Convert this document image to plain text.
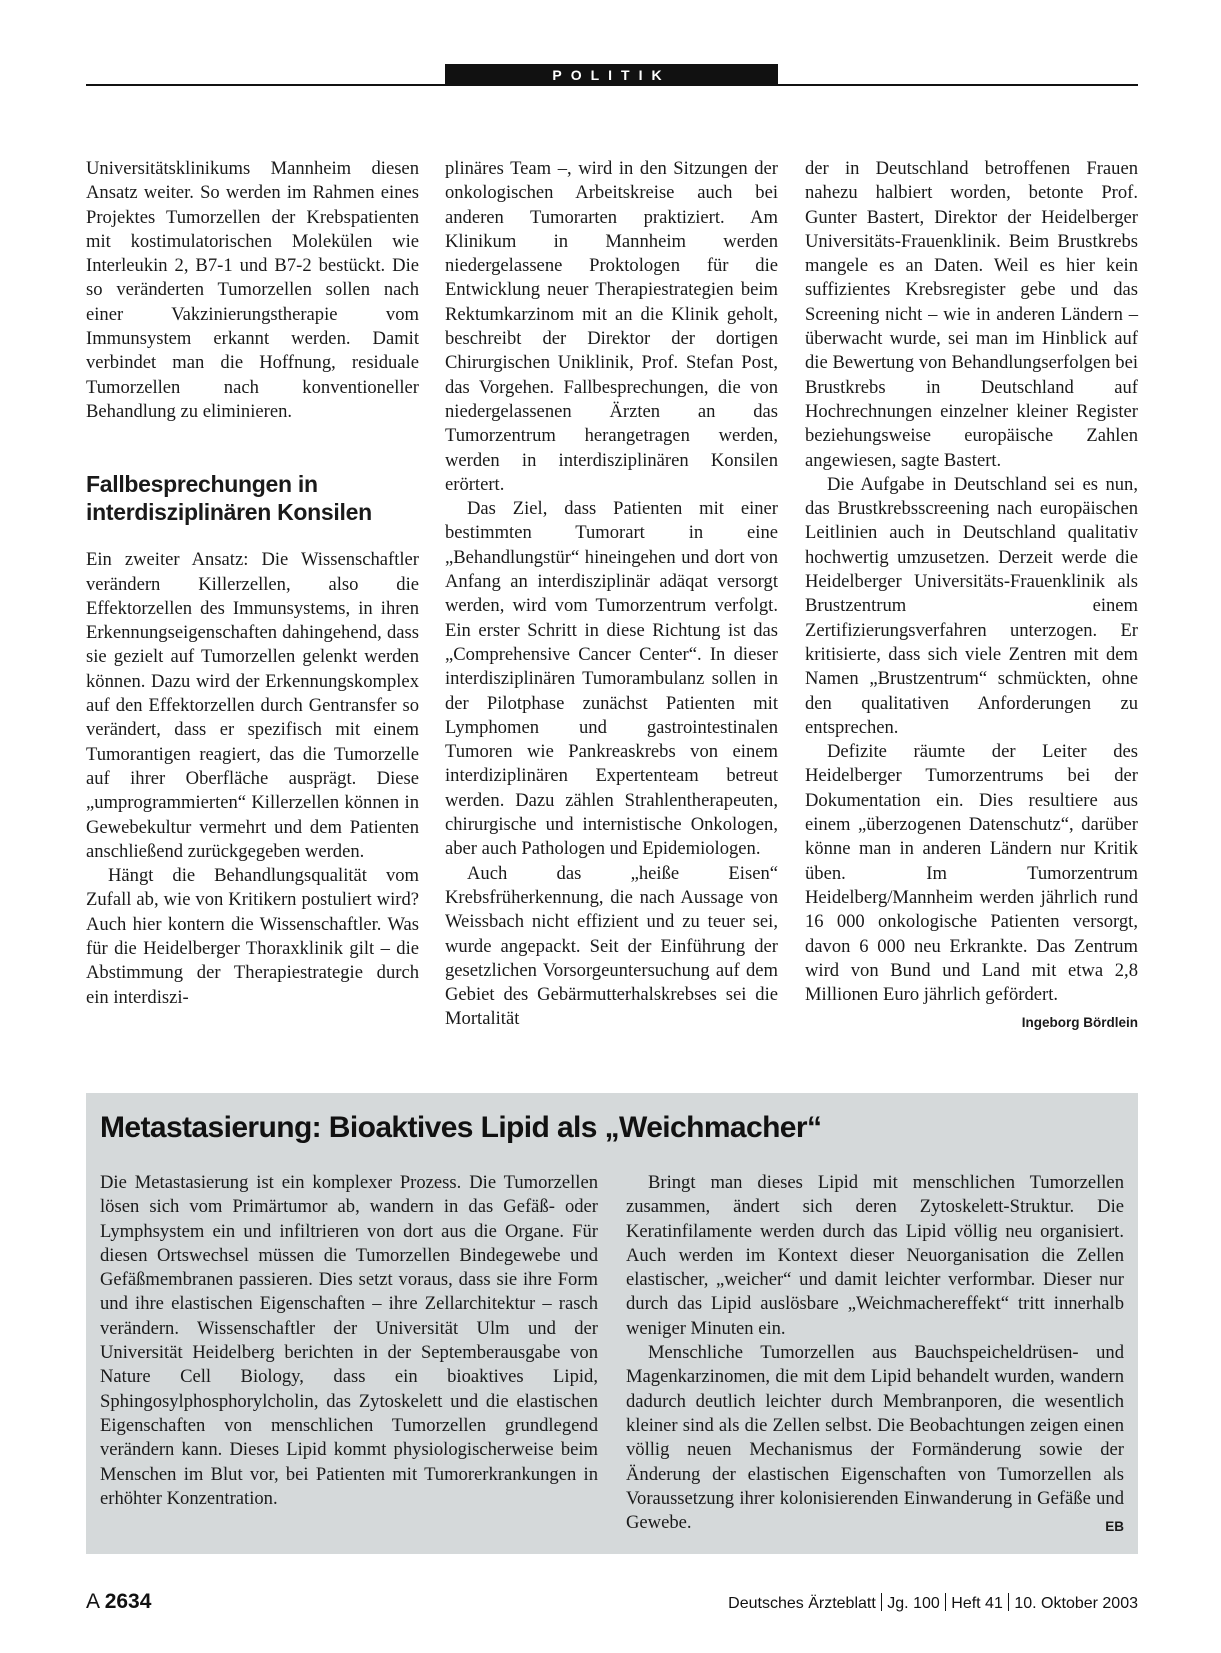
POLITIK

Universitätsklinikums Mannheim diesen Ansatz weiter. So werden im Rahmen eines Projektes Tumorzellen der Krebspatienten mit kostimulatorischen Molekülen wie Interleukin 2, B7-1 und B7-2 bestückt. Die so veränderten Tumorzellen sollen nach einer Vakzinierungstherapie vom Immunsystem erkannt werden. Damit verbindet man die Hoffnung, residuale Tumorzellen nach konventioneller Behandlung zu eliminieren.

Fallbesprechungen in interdisziplinären Konsilen

Ein zweiter Ansatz: Die Wissenschaftler verändern Killerzellen, also die Effektorzellen des Immunsystems, in ihren Erkennungseigenschaften dahingehend, dass sie gezielt auf Tumorzellen gelenkt werden können. Dazu wird der Erkennungskomplex auf den Effektorzellen durch Gentransfer so verändert, dass er spezifisch mit einem Tumorantigen reagiert, das die Tumorzelle auf ihrer Oberfläche ausprägt. Diese „umprogrammierten“ Killerzellen können in Gewebekultur vermehrt und dem Patienten anschließend zurückgegeben werden.

Hängt die Behandlungsqualität vom Zufall ab, wie von Kritikern postuliert wird? Auch hier kontern die Wissenschaftler. Was für die Heidelberger Thoraxklinik gilt – die Abstimmung der Therapiestrategie durch ein interdiszi-

plinäres Team –, wird in den Sitzungen der onkologischen Arbeitskreise auch bei anderen Tumorarten praktiziert. Am Klinikum in Mannheim werden niedergelassene Proktologen für die Entwicklung neuer Therapiestrategien beim Rektumkarzinom mit an die Klinik geholt, beschreibt der Direktor der dortigen Chirurgischen Uniklinik, Prof. Stefan Post, das Vorgehen. Fallbesprechungen, die von niedergelassenen Ärzten an das Tumorzentrum herangetragen werden, werden in interdisziplinären Konsilen erörtert.

Das Ziel, dass Patienten mit einer bestimmten Tumorart in eine „Behandlungstür“ hineingehen und dort von Anfang an interdisziplinär adäqat versorgt werden, wird vom Tumorzentrum verfolgt. Ein erster Schritt in diese Richtung ist das „Comprehensive Cancer Center“. In dieser interdisziplinären Tumorambulanz sollen in der Pilotphase zunächst Patienten mit Lymphomen und gastrointestinalen Tumoren wie Pankreaskrebs von einem interdiziplinären Expertenteam betreut werden. Dazu zählen Strahlentherapeuten, chirurgische und internistische Onkologen, aber auch Pathologen und Epidemiologen.

Auch das „heiße Eisen“ Krebsfrüherkennung, die nach Aussage von Weissbach nicht effizient und zu teuer sei, wurde angepackt. Seit der Einführung der gesetzlichen Vorsorgeuntersuchung auf dem Gebiet des Gebärmutterhalskrebses sei die Mortalität

der in Deutschland betroffenen Frauen nahezu halbiert worden, betonte Prof. Gunter Bastert, Direktor der Heidelberger Universitäts-Frauenklinik. Beim Brustkrebs mangele es an Daten. Weil es hier kein suffizientes Krebsregister gebe und das Screening nicht – wie in anderen Ländern – überwacht wurde, sei man im Hinblick auf die Bewertung von Behandlungserfolgen bei Brustkrebs in Deutschland auf Hochrechnungen einzelner kleiner Register beziehungsweise europäische Zahlen angewiesen, sagte Bastert.

Die Aufgabe in Deutschland sei es nun, das Brustkrebsscreening nach europäischen Leitlinien auch in Deutschland qualitativ hochwertig umzusetzen. Derzeit werde die Heidelberger Universitäts-Frauenklinik als Brustzentrum einem Zertifizierungsverfahren unterzogen. Er kritisierte, dass sich viele Zentren mit dem Namen „Brustzentrum“ schmückten, ohne den qualitativen Anforderungen zu entsprechen.

Defizite räumte der Leiter des Heidelberger Tumorzentrums bei der Dokumentation ein. Dies resultiere aus einem „überzogenen Datenschutz“, darüber könne man in anderen Ländern nur Kritik üben. Im Tumorzentrum Heidelberg/Mannheim werden jährlich rund 16 000 onkologische Patienten versorgt, davon 6 000 neu Erkrankte. Das Zentrum wird von Bund und Land mit etwa 2,8 Millionen Euro jährlich gefördert.
Ingeborg Bördlein

Metastasierung: Bioaktives Lipid als „Weichmacher“

Die Metastasierung ist ein komplexer Prozess. Die Tumorzellen lösen sich vom Primärtumor ab, wandern in das Gefäß- oder Lymphsystem ein und infiltrieren von dort aus die Organe. Für diesen Ortswechsel müssen die Tumorzellen Bindegewebe und Gefäßmembranen passieren. Dies setzt voraus, dass sie ihre Form und ihre elastischen Eigenschaften – ihre Zellarchitektur – rasch verändern. Wissenschaftler der Universität Ulm und der Universität Heidelberg berichten in der Septemberausgabe von Nature Cell Biology, dass ein bioaktives Lipid, Sphingosylphosphorylcholin, das Zytoskelett und die elastischen Eigenschaften von menschlichen Tumorzellen grundlegend verändern kann. Dieses Lipid kommt physiologischerweise beim Menschen im Blut vor, bei Patienten mit Tumorerkrankungen in erhöhter Konzentration.

Bringt man dieses Lipid mit menschlichen Tumorzellen zusammen, ändert sich deren Zytoskelett-Struktur. Die Keratinfilamente werden durch das Lipid völlig neu organisiert. Auch werden im Kontext dieser Neuorganisation die Zellen elastischer, „weicher“ und damit leichter verformbar. Dieser nur durch das Lipid auslösbare „Weichmachereffekt“ tritt innerhalb weniger Minuten ein.

Menschliche Tumorzellen aus Bauchspeicheldrüsen- und Magenkarzinomen, die mit dem Lipid behandelt wurden, wandern dadurch deutlich leichter durch Membranporen, die wesentlich kleiner sind als die Zellen selbst. Die Beobachtungen zeigen einen völlig neuen Mechanismus der Formänderung sowie der Änderung der elastischen Eigenschaften von Tumorzellen als Voraussetzung ihrer kolonisierenden Einwanderung in Gefäße und Gewebe.	EB

A 2634	Deutsches Ärzteblatt Jg. 100 Heft 41 10. Oktober 2003
